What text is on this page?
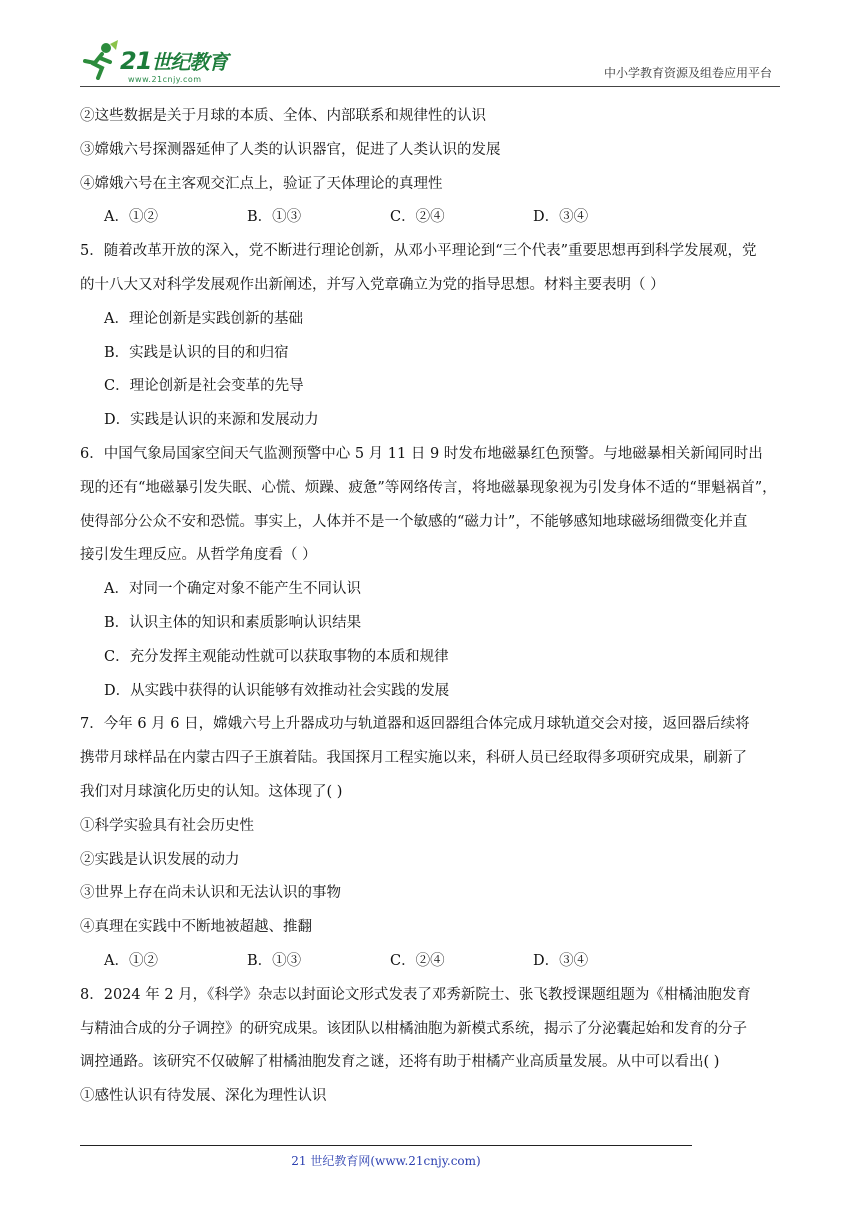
21世纪教育
www.21cnjy.com	中小学教育资源及组卷应用平台
②这些数据是关于月球的本质、全体、内部联系和规律性的认识
③嫦娥六号探测器延伸了人类的认识器官，促进了人类认识的发展
④嫦娥六号在主客观交汇点上，验证了天体理论的真理性
A．①②	B．①③	C．②④	D．③④
5．随着改革开放的深入，党不断进行理论创新，从邓小平理论到“三个代表”重要思想再到科学发展观，党
的十八大又对科学发展观作出新阐述，并写入党章确立为党的指导思想。材料主要表明（ ）
A．理论创新是实践创新的基础
B．实践是认识的目的和归宿
C．理论创新是社会变革的先导
D．实践是认识的来源和发展动力
6．中国气象局国家空间天气监测预警中心 5 月 11 日 9 时发布地磁暴红色预警。与地磁暴相关新闻同时出
现的还有“地磁暴引发失眠、心慌、烦躁、疲惫”等网络传言，将地磁暴现象视为引发身体不适的“罪魁祸首”，
使得部分公众不安和恐慌。事实上，人体并不是一个敏感的“磁力计”，不能够感知地球磁场细微变化并直
接引发生理反应。从哲学角度看（ ）
A．对同一个确定对象不能产生不同认识
B．认识主体的知识和素质影响认识结果
C．充分发挥主观能动性就可以获取事物的本质和规律
D．从实践中获得的认识能够有效推动社会实践的发展
7．今年 6 月 6 日，嫦娥六号上升器成功与轨道器和返回器组合体完成月球轨道交会对接，返回器后续将
携带月球样品在内蒙古四子王旗着陆。我国探月工程实施以来，科研人员已经取得多项研究成果，刷新了
我们对月球演化历史的认知。这体现了( )
①科学实验具有社会历史性
②实践是认识发展的动力
③世界上存在尚未认识和无法认识的事物
④真理在实践中不断地被超越、推翻
A．①②	B．①③	C．②④	D．③④
8．2024 年 2 月，《科学》杂志以封面论文形式发表了邓秀新院士、张飞教授课题组题为《柑橘油胞发育
与精油合成的分子调控》的研究成果。该团队以柑橘油胞为新模式系统，揭示了分泌囊起始和发育的分子
调控通路。该研究不仅破解了柑橘油胞发育之谜，还将有助于柑橘产业高质量发展。从中可以看出( )
①感性认识有待发展、深化为理性认识
21 世纪教育网(www.21cnjy.com)
